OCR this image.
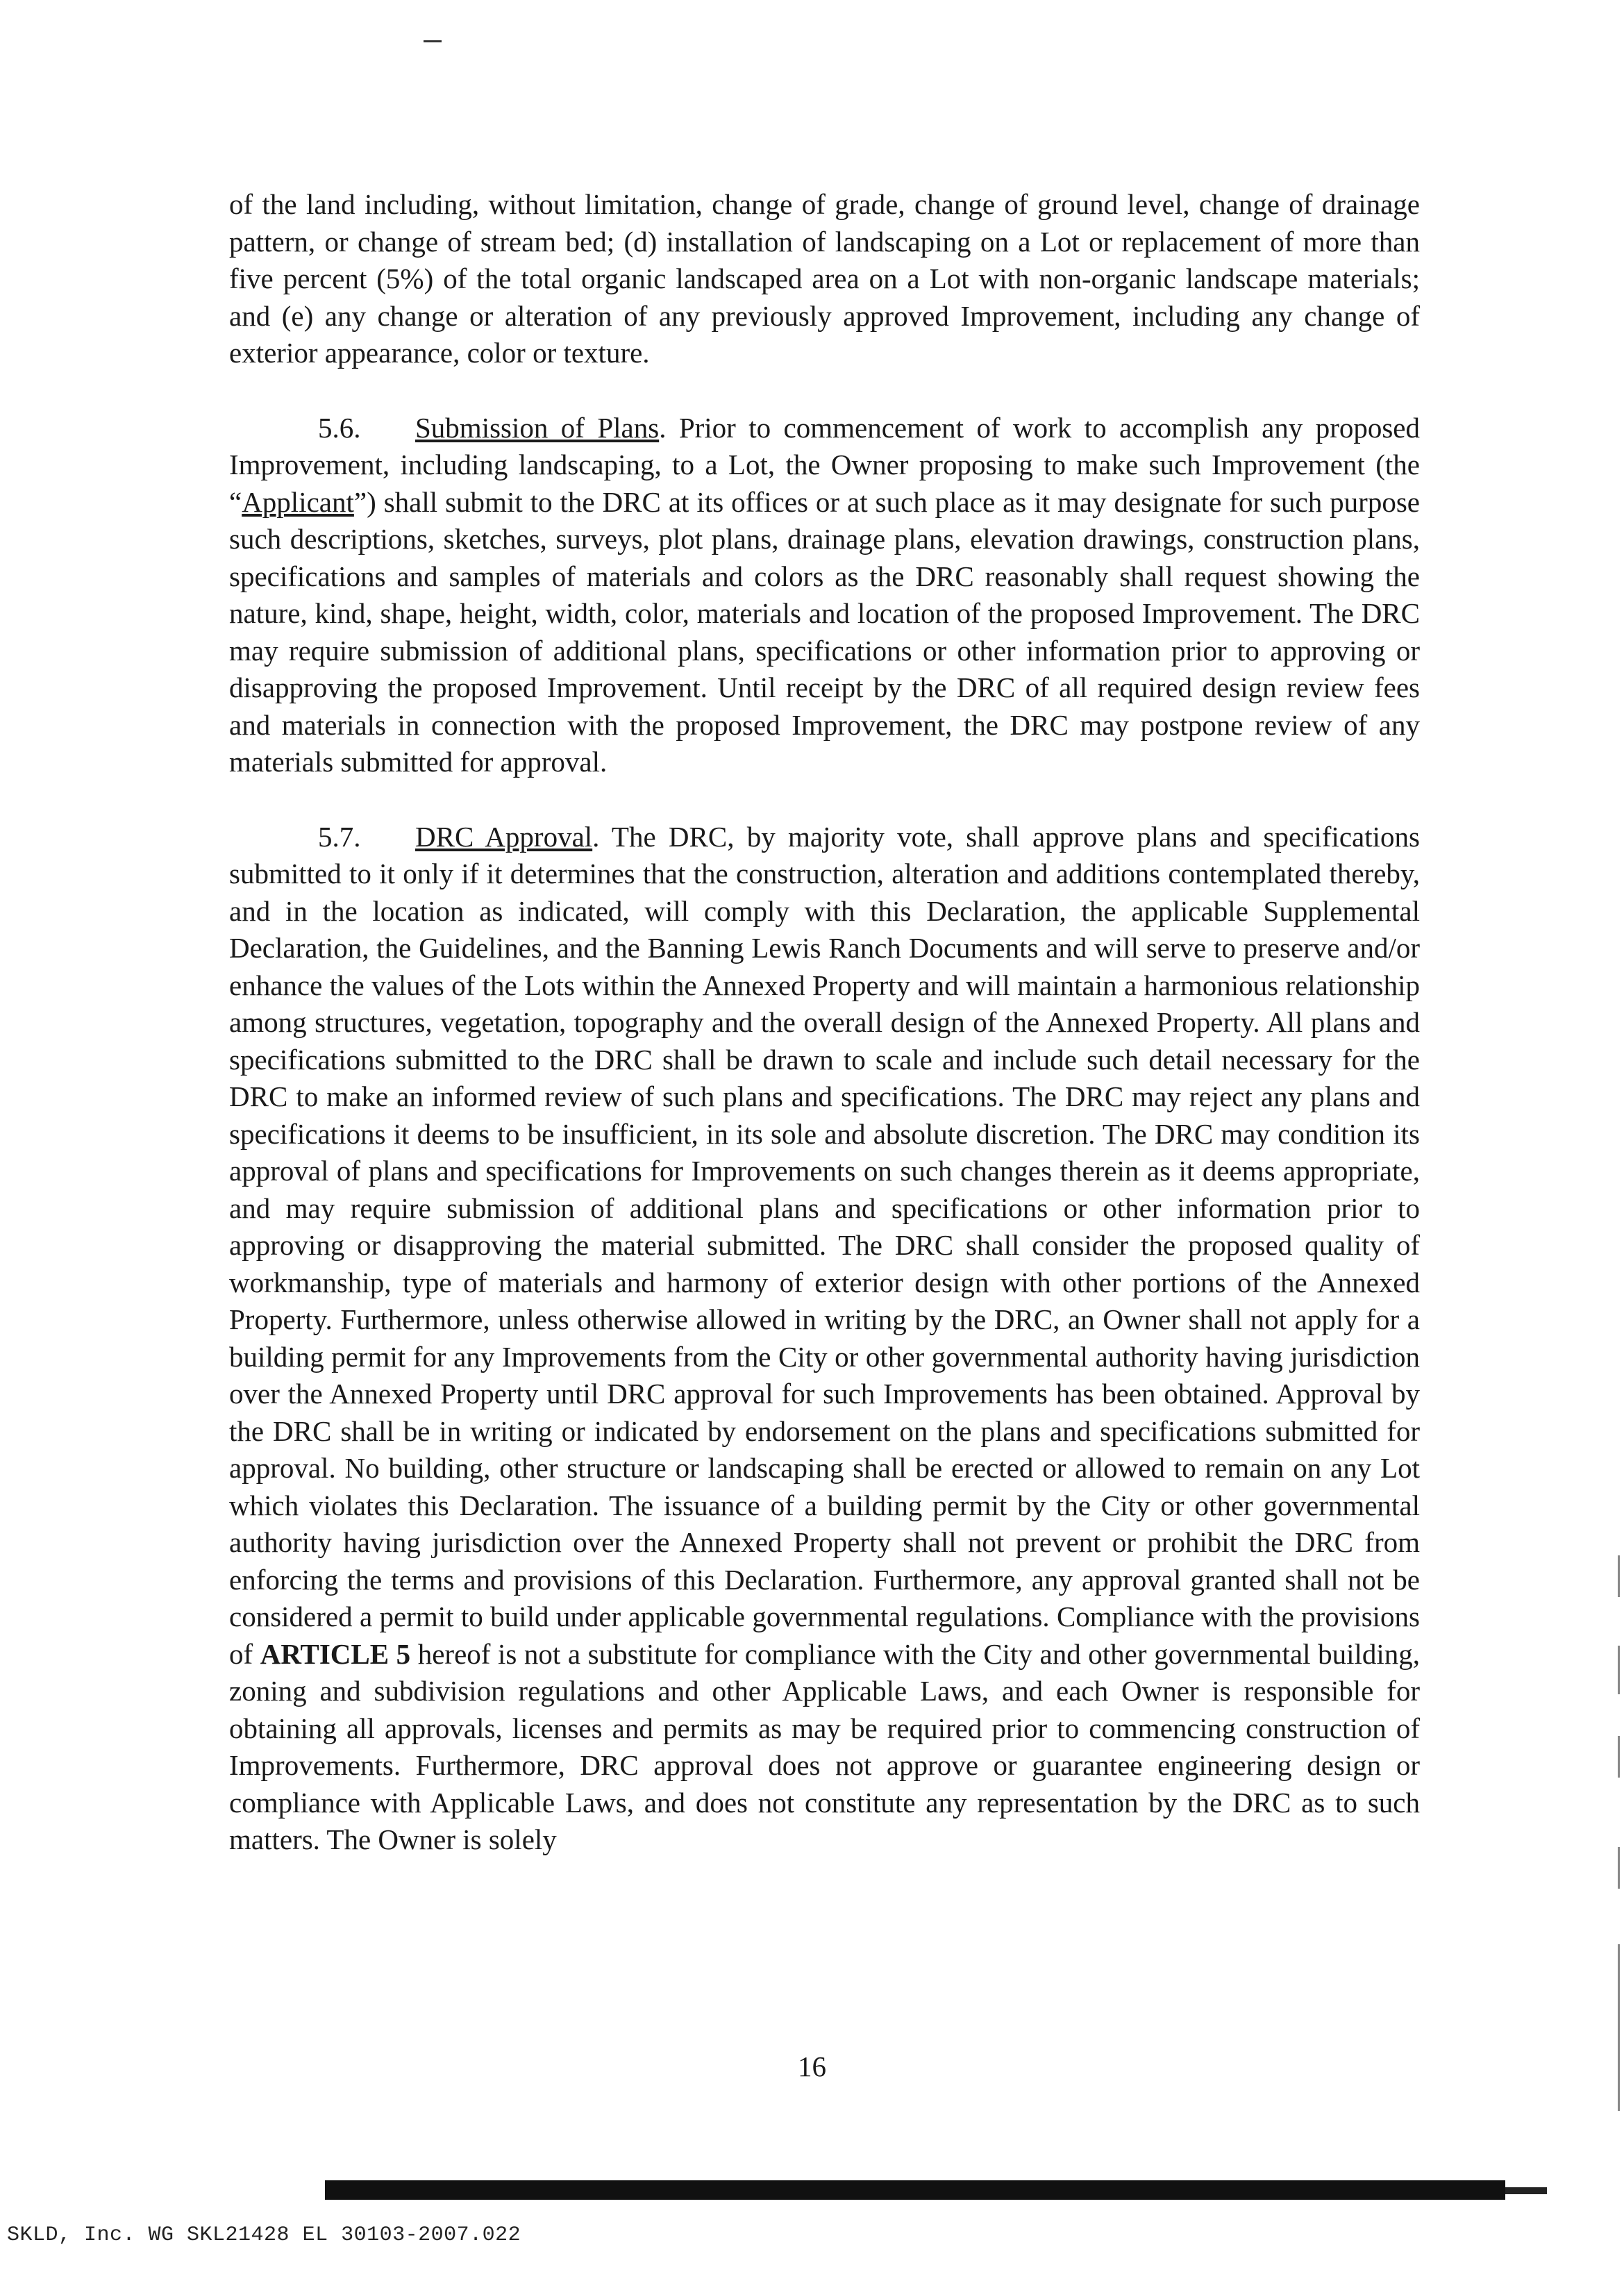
of the land including, without limitation, change of grade, change of ground level, change of drainage pattern, or change of stream bed; (d) installation of landscaping on a Lot or replacement of more than five percent (5%) of the total organic landscaped area on a Lot with non-organic landscape materials; and (e) any change or alteration of any previously approved Improvement, including any change of exterior appearance, color or texture.

5.6. Submission of Plans. Prior to commencement of work to accomplish any proposed Improvement, including landscaping, to a Lot, the Owner proposing to make such Improvement (the “Applicant”) shall submit to the DRC at its offices or at such place as it may designate for such purpose such descriptions, sketches, surveys, plot plans, drainage plans, elevation drawings, construction plans, specifications and samples of materials and colors as the DRC reasonably shall request showing the nature, kind, shape, height, width, color, materials and location of the proposed Improvement. The DRC may require submission of additional plans, specifications or other information prior to approving or disapproving the proposed Improvement. Until receipt by the DRC of all required design review fees and materials in connection with the proposed Improvement, the DRC may postpone review of any materials submitted for approval.

5.7. DRC Approval. The DRC, by majority vote, shall approve plans and specifications submitted to it only if it determines that the construction, alteration and additions contemplated thereby, and in the location as indicated, will comply with this Declaration, the applicable Supplemental Declaration, the Guidelines, and the Banning Lewis Ranch Documents and will serve to preserve and/or enhance the values of the Lots within the Annexed Property and will maintain a harmonious relationship among structures, vegetation, topography and the overall design of the Annexed Property. All plans and specifications submitted to the DRC shall be drawn to scale and include such detail necessary for the DRC to make an informed review of such plans and specifications. The DRC may reject any plans and specifications it deems to be insufficient, in its sole and absolute discretion. The DRC may condition its approval of plans and specifications for Improvements on such changes therein as it deems appropriate, and may require submission of additional plans and specifications or other information prior to approving or disapproving the material submitted. The DRC shall consider the proposed quality of workmanship, type of materials and harmony of exterior design with other portions of the Annexed Property. Furthermore, unless otherwise allowed in writing by the DRC, an Owner shall not apply for a building permit for any Improvements from the City or other governmental authority having jurisdiction over the Annexed Property until DRC approval for such Improvements has been obtained. Approval by the DRC shall be in writing or indicated by endorsement on the plans and specifications submitted for approval. No building, other structure or landscaping shall be erected or allowed to remain on any Lot which violates this Declaration. The issuance of a building permit by the City or other governmental authority having jurisdiction over the Annexed Property shall not prevent or prohibit the DRC from enforcing the terms and provisions of this Declaration. Furthermore, any approval granted shall not be considered a permit to build under applicable governmental regulations. Compliance with the provisions of ARTICLE 5 hereof is not a substitute for compliance with the City and other governmental building, zoning and subdivision regulations and other Applicable Laws, and each Owner is responsible for obtaining all approvals, licenses and permits as may be required prior to commencing construction of Improvements. Furthermore, DRC approval does not approve or guarantee engineering design or compliance with Applicable Laws, and does not constitute any representation by the DRC as to such matters. The Owner is solely

16
SKLD, Inc. WG SKL21428 EL 30103-2007.022
